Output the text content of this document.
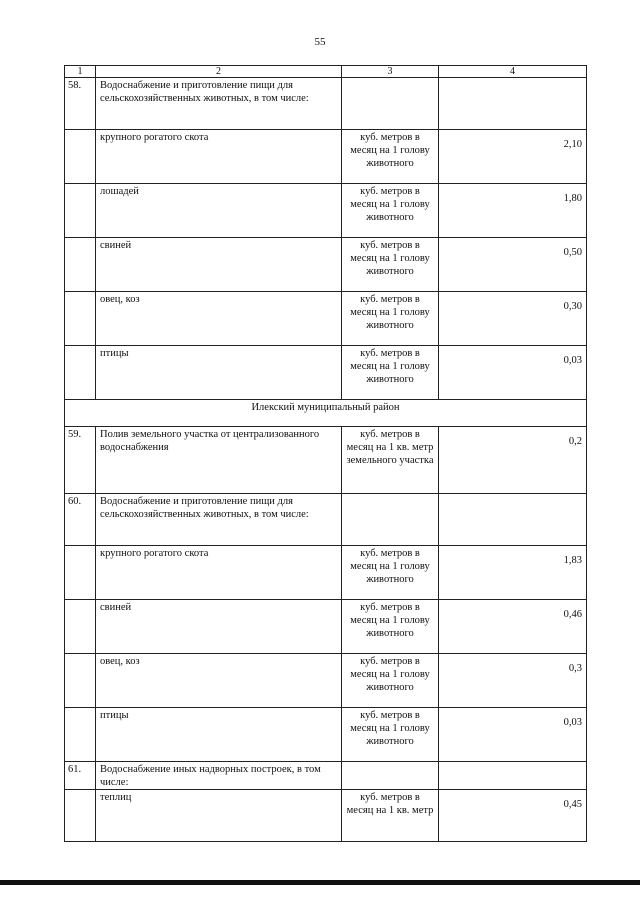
55
1	2	3	4
58.	Водоснабжение и приготовление пищи для сельскохозяйственных животных, в том числе:		
	крупного рогатого скота	куб. метров в месяц на 1 голову животного	2,10
	лошадей	куб. метров в месяц на 1 голову животного	1,80
	свиней	куб. метров в месяц на 1 голову животного	0,50
	овец, коз	куб. метров в месяц на 1 голову животного	0,30
	птицы	куб. метров в месяц на 1 голову животного	0,03
Илекский муниципальный район			
59.	Полив земельного участка от централизованного водоснабжения	куб. метров в месяц на 1 кв. метр земельного участка	0,2
60.	Водоснабжение и приготовление пищи для сельскохозяйственных животных, в том числе:		
	крупного рогатого скота	куб. метров в месяц на 1 голову животного	1,83
	свиней	куб. метров в месяц на 1 голову животного	0,46
	овец, коз	куб. метров в месяц на 1 голову животного	0,3
	птицы	куб. метров в месяц на 1 голову животного	0,03
61.	Водоснабжение иных надворных построек, в том числе:		
	теплиц	куб. метров в месяц на 1 кв. метр	0,45
